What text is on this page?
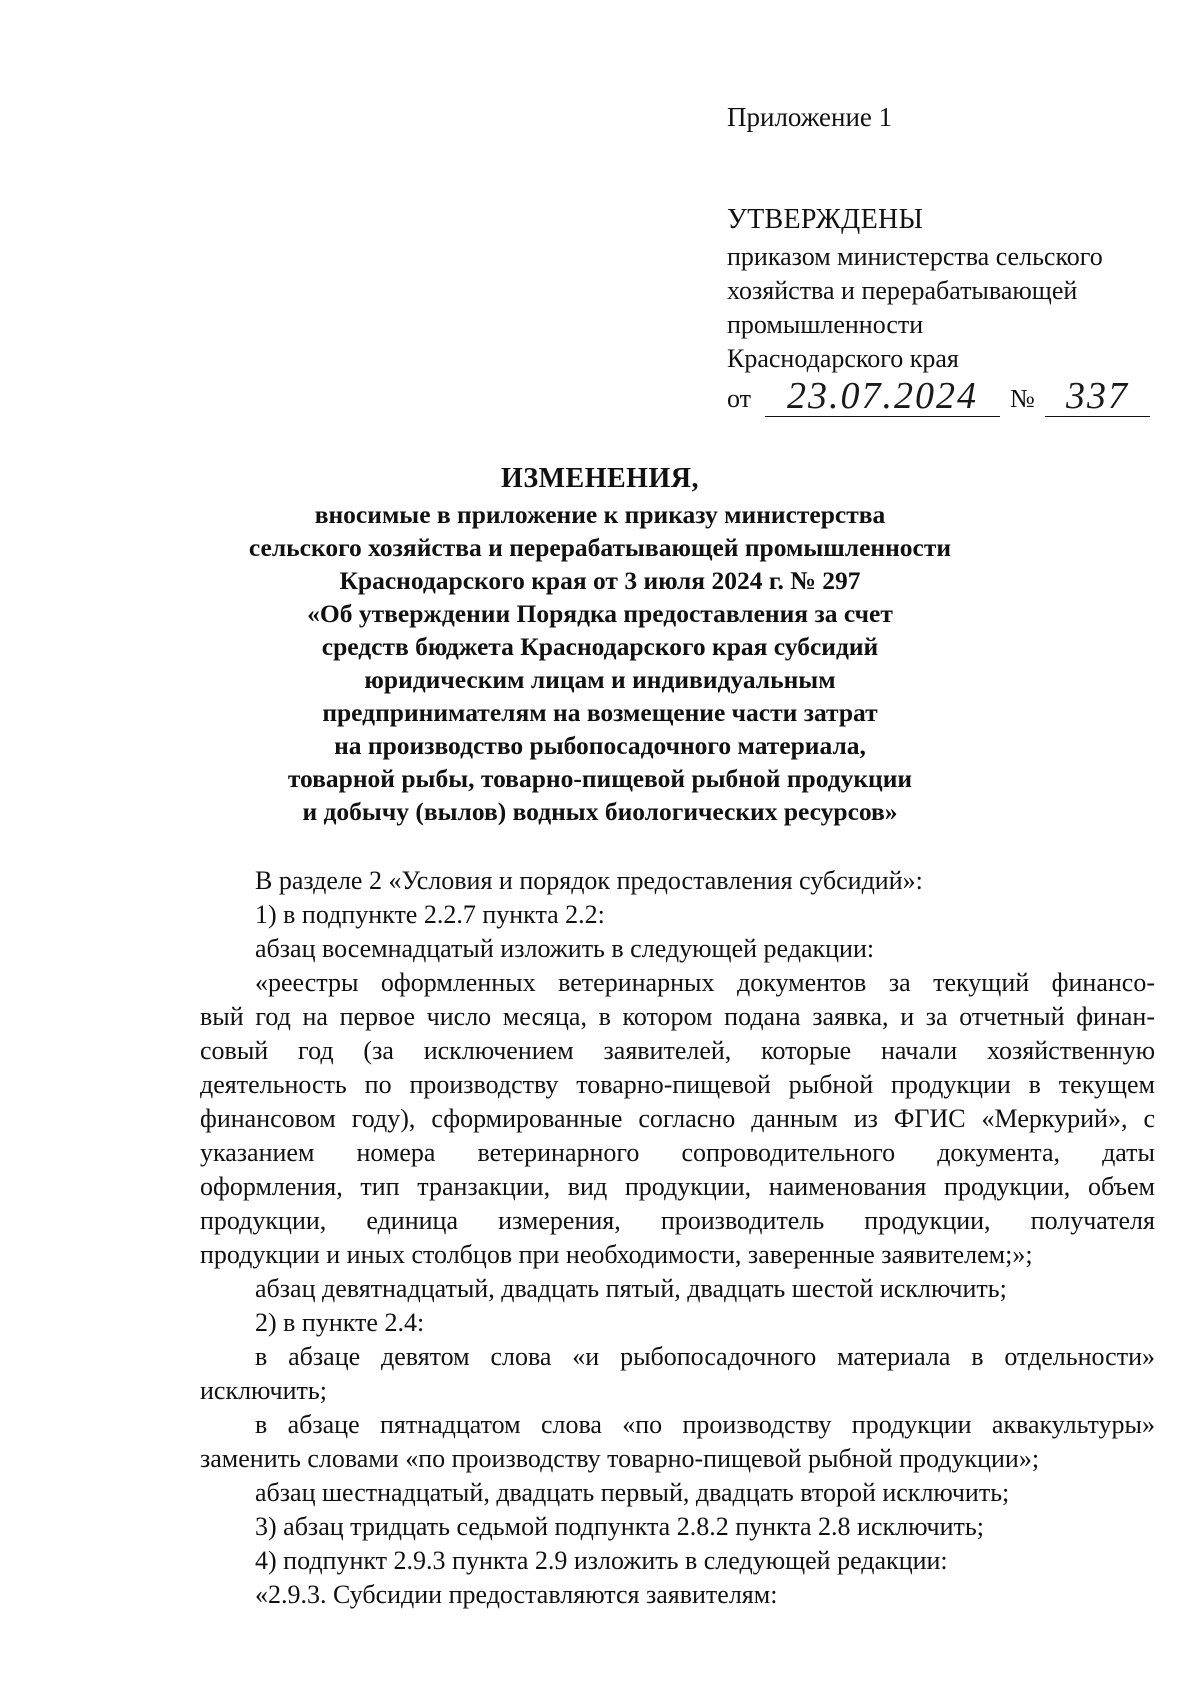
Приложение 1
УТВЕРЖДЕНЫ
приказом министерства сельского
хозяйства и перерабатывающей
промышленности
Краснодарского края
от 23.07.2024	№ 337
ИЗМЕНЕНИЯ,
вносимые в приложение к приказу министерства
сельского хозяйства и перерабатывающей промышленности
Краснодарского края от 3 июля 2024 г. № 297
«Об утверждении Порядка предоставления за счет
средств бюджета Краснодарского края субсидий
юридическим лицам и индивидуальным
предпринимателям на возмещение части затрат
на производство рыбопосадочного материала,
товарной рыбы, товарно-пищевой рыбной продукции
и добычу (вылов) водных биологических ресурсов»
В разделе 2 «Условия и порядок предоставления субсидий»:
1) в подпункте 2.2.7 пункта 2.2:
абзац восемнадцатый изложить в следующей редакции:
«реестры оформленных ветеринарных документов за текущий финансо-
вый год на первое число месяца, в котором подана заявка, и за отчетный финан-
совый год (за исключением заявителей, которые начали хозяйственную
деятельность по производству товарно-пищевой рыбной продукции в текущем
финансовом году), сформированные согласно данным из ФГИС «Меркурий», с
указанием номера ветеринарного сопроводительного документа, даты
оформления, тип транзакции, вид продукции, наименования продукции, объем
продукции, единица измерения, производитель продукции, получателя
продукции и иных столбцов при необходимости, заверенные заявителем;»;
абзац девятнадцатый, двадцать пятый, двадцать шестой исключить;
2) в пункте 2.4:
в абзаце девятом слова «и рыбопосадочного материала в отдельности»
исключить;
в абзаце пятнадцатом слова «по производству продукции аквакультуры»
заменить словами «по производству товарно-пищевой рыбной продукции»;
абзац шестнадцатый, двадцать первый, двадцать второй исключить;
3) абзац тридцать седьмой подпункта 2.8.2 пункта 2.8 исключить;
4) подпункт 2.9.3 пункта 2.9 изложить в следующей редакции:
«2.9.3. Субсидии предоставляются заявителям:
